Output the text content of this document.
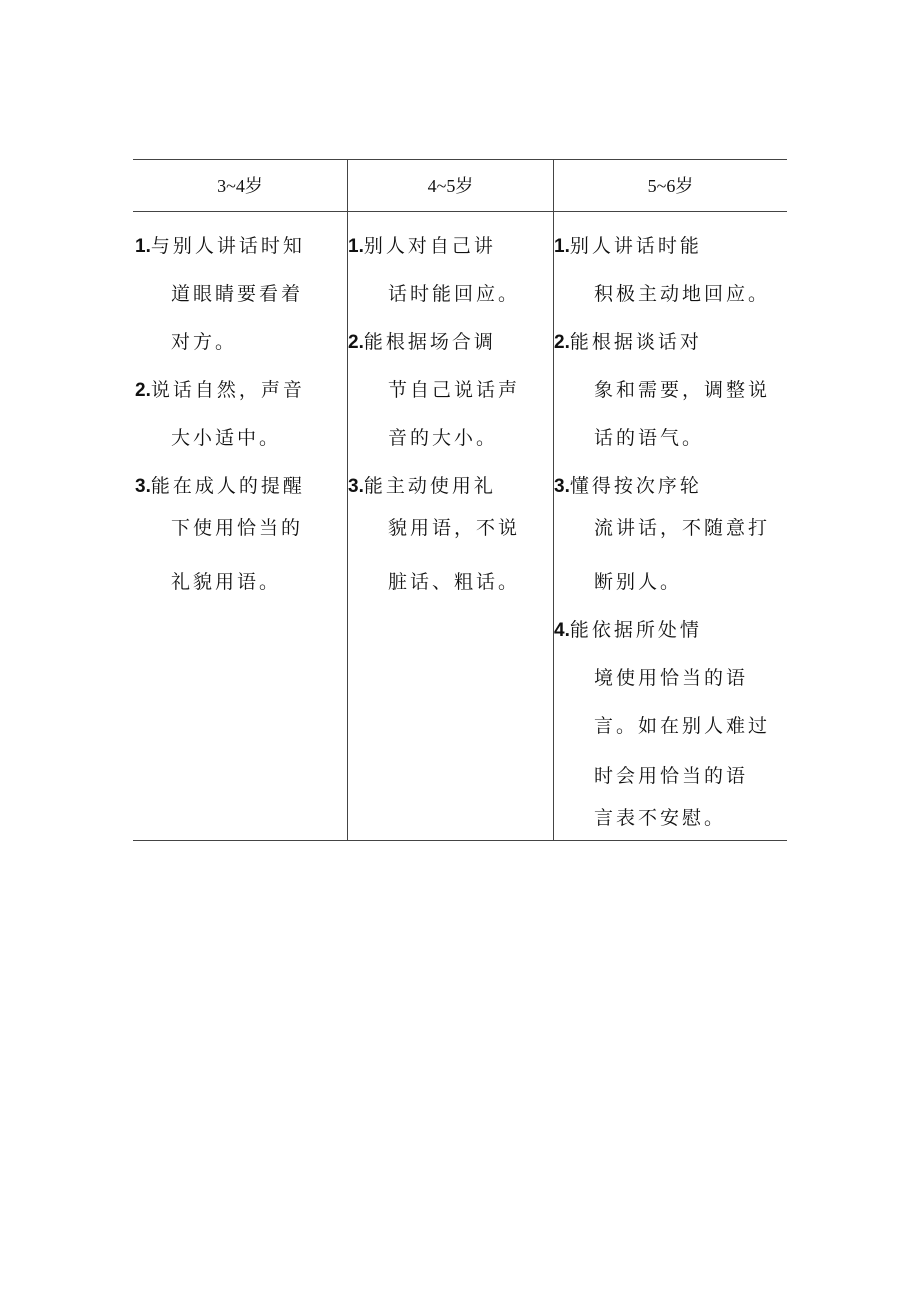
3~4岁	4~5岁	5~6岁
1.与别人讲话时知
道眼睛要看着
对方。
2.说话自然，声音
大小适中。
3.能在成人的提醒
下使用恰当的
礼貌用语。
1.别人对自己讲
话时能回应。
2.能根据场合调
节自己说话声
音的大小。
3.能主动使用礼
貌用语，不说
脏话、粗话。
1.别人讲话时能
积极主动地回应。
2.能根据谈话对
象和需要，调整说
话的语气。
3.懂得按次序轮
流讲话，不随意打
断别人。
4.能依据所处情
境使用恰当的语
言。如在别人难过
时会用恰当的语
言表不安慰。
